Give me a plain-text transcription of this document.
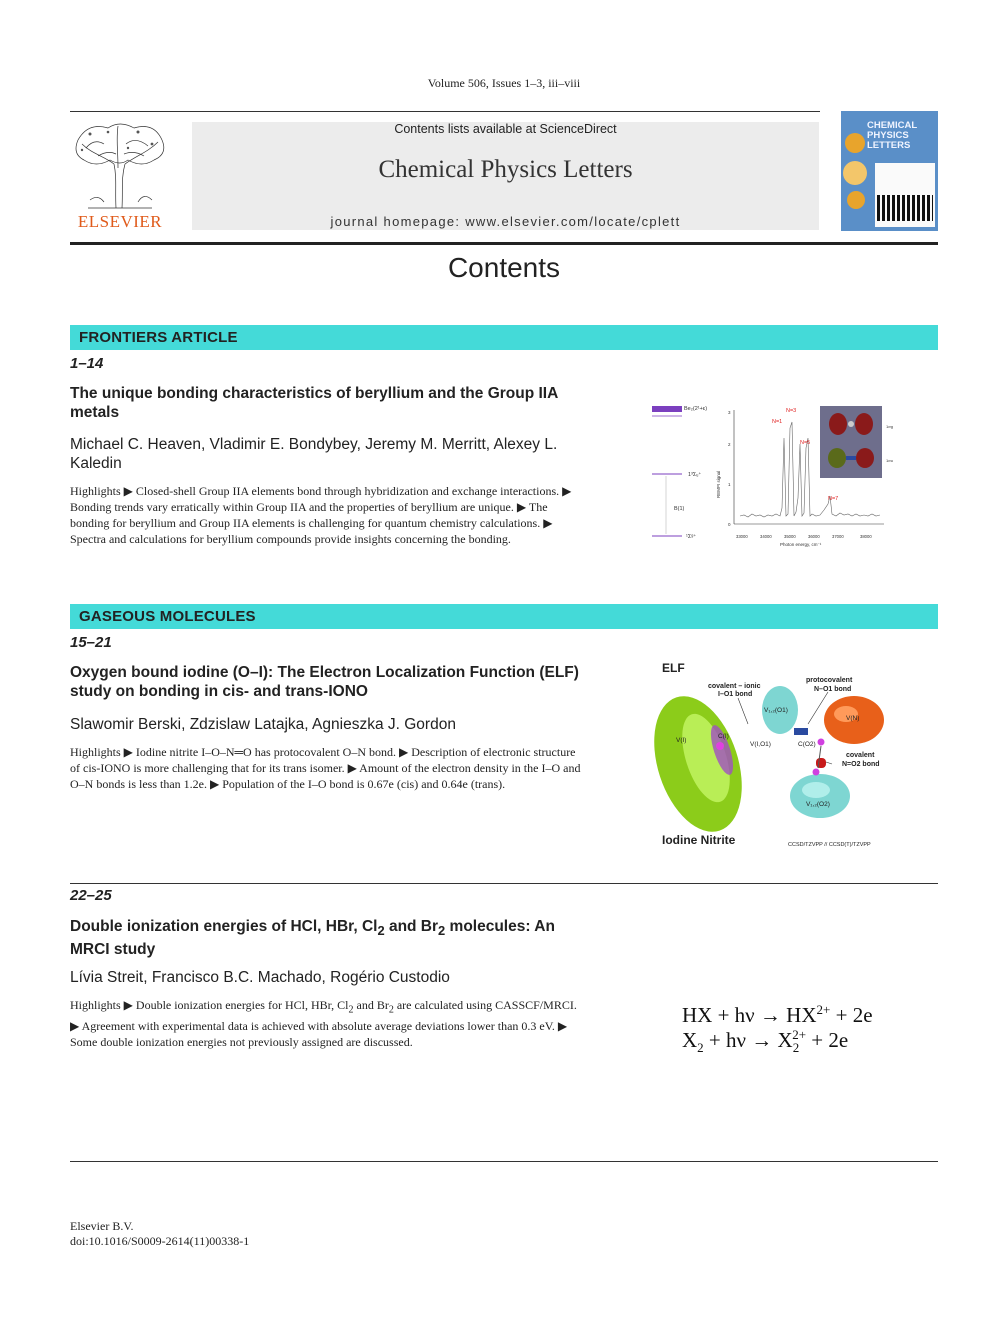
Volume 506, Issues 1–3, iii–viii
ELSEVIER
Contents lists available at ScienceDirect
Chemical Physics Letters
journal homepage: www.elsevier.com/locate/cplett
CHEMICAL
PHYSICS
LETTERS
Contents
FRONTIERS ARTICLE
1–14
The unique bonding characteristics of beryllium and the Group IIA metals
Michael C. Heaven, Vladimir E. Bondybey, Jeremy M. Merritt, Alexey L. Kaledin
Highlights ▶ Closed-shell Group IIA elements bond through hybridization and exchange interactions. ▶ Bonding trends vary erratically within Group IIA and the properties of beryllium are unique. ▶ The bonding for beryllium and Group IIA elements is challenging for quantum chemistry calculations. ▶ Spectra and calculations for beryllium compounds provide insights concerning the bonding.
Be₂(2¹+ε)
1³Σᵤ⁺
B(1)
¹Σᵍ⁺
REMPI signal
0
1
2
3
N=1
N=3
N=5
N=7
33000	34000	35000	36000	37000	38000
Photon energy, cm⁻¹
1σg
1σu
GASEOUS MOLECULES
15–21
Oxygen bound iodine (O–I): The Electron Localization Function (ELF) study on bonding in cis- and trans-IONO
Slawomir Berski, Zdzislaw Latajka, Agnieszka J. Gordon
Highlights ▶ Iodine nitrite I–O–N═O has protocovalent O–N bond. ▶ Description of electronic structure of cis-IONO is more challenging that for its trans isomer. ▶ Amount of the electron density in the I–O and O–N bonds is less than 1.2e. ▶ Population of the I–O bond is 0.67e (cis) and 0.64e (trans).
ELF
covalent – ionic
I–O1 bond
protocovalent
N–O1 bond
covalent
N=O2 bond
V(I)
C(I)
V(I,O1)
V₁,₂(O1)
V(N)
C(O2)
V₁,₂(O2)
Iodine Nitrite	CCSD/TZVPP // CCSD(T)/TZVPP
22–25
Double ionization energies of HCl, HBr, $Cl_2$ and $Br_2$ molecules: An MRCI study
Lívia Streit, Francisco B.C. Machado, Rogério Custodio
Highlights ▶ Double ionization energies for HCl, HBr, $Cl_2$ and $Br_2$ are calculated using CASSCF/MRCI. ▶ Agreement with experimental data is achieved with absolute average deviations lower than 0.3 eV. ▶ Some double ionization energies not previously assigned are discussed.
HX + $h\nu \to HX^{2+} + 2e$
$X_2 + h\nu \to X_2^{2+} + 2e$
Elsevier B.V.
doi:10.1016/S0009-2614(11)00338-1
